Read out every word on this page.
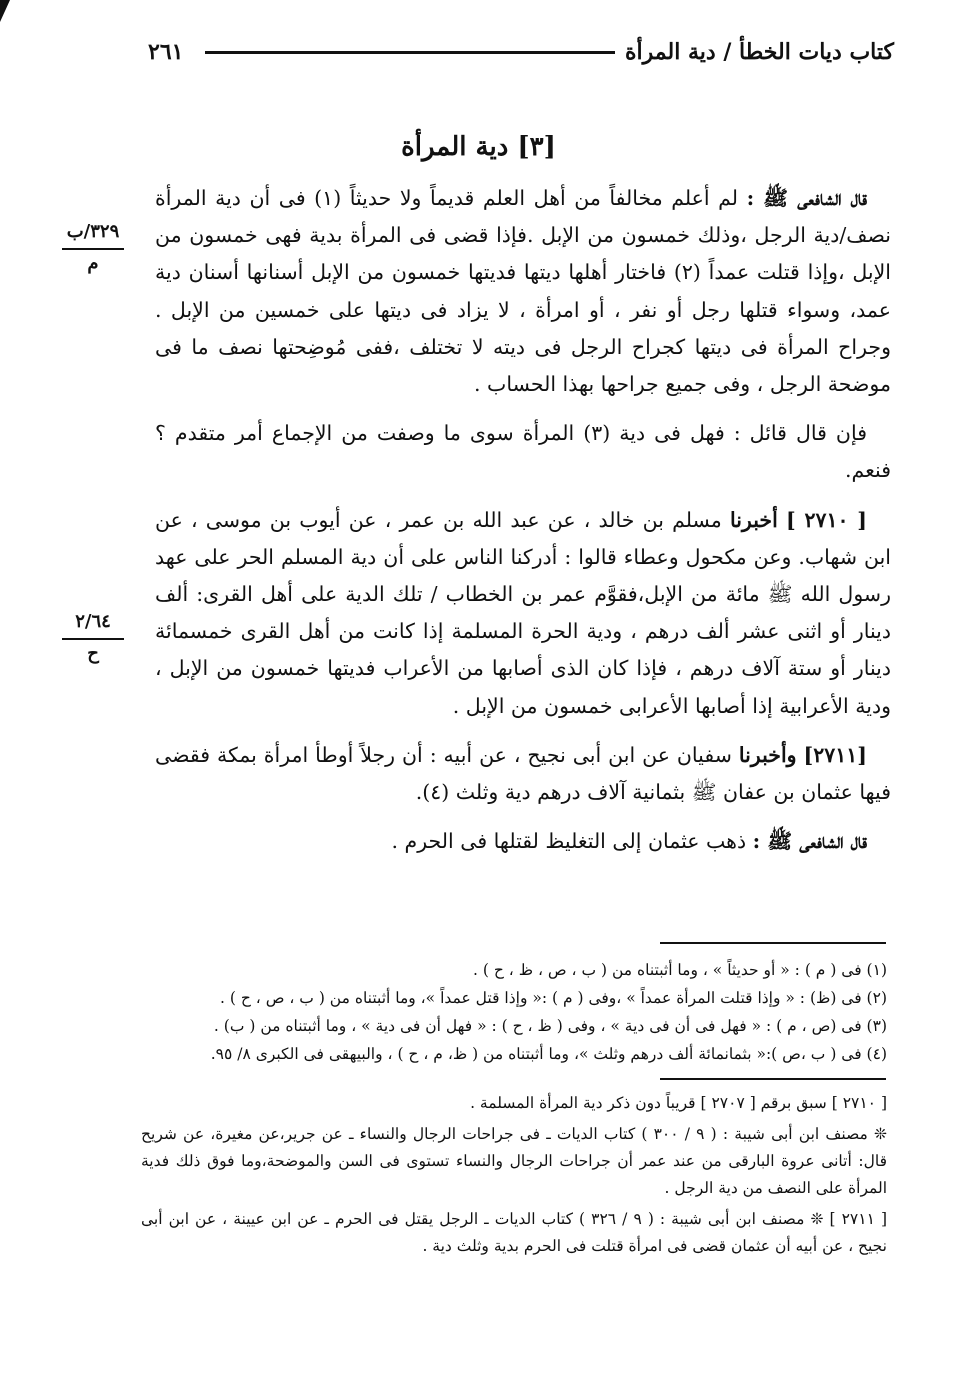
٢٦١	كتاب ديات الخطأ / دية المرأة
[٣] دية المرأة
٣٢٩/ب
م
٢/٦٤
ح

قال الشافعى ﷺ : لم أعلم مخالفاً من أهل العلم قديماً ولا حديثاً (١) فى أن دية المرأة نصف/دية الرجل ،وذلك خمسون من الإبل .فإذا قضى فى المرأة بدية فهى خمسون من الإبل ،وإذا قتلت عمداً (٢) فاختار أهلها ديتها فديتها خمسون من الإبل أسنانها أسنان دية عمد، وسواء قتلها رجل أو نفر ، أو امرأة ، لا يزاد فى ديتها على خمسين من الإبل . وجراح المرأة فى ديتها كجراح الرجل فى ديته لا تختلف ،ففى مُوضِحتها نصف ما فى موضحة الرجل ، وفى جميع جراحها بهذا الحساب .

فإن قال قائل : فهل فى دية (٣) المرأة سوى ما وصفت من الإجماع أمر متقدم ؟ فنعم.

[ ٢٧١٠ ] أخبرنا مسلم بن خالد ، عن عبد الله بن عمر ، عن أيوب بن موسى ، عن ابن شهاب. وعن مكحول وعطاء قالوا : أدركنا الناس على أن دية المسلم الحر على عهد رسول الله ﷺ مائة من الإبل،فقوَّم عمر بن الخطاب / تلك الدية على أهل القرى: ألف دينار أو اثنى عشر ألف درهم ، ودية الحرة المسلمة إذا كانت من أهل القرى خمسمائة دينار أو ستة آلاف درهم ، فإذا كان الذى أصابها من الأعراب فديتها خمسون من الإبل ، ودية الأعرابية إذا أصابها الأعرابى خمسون من الإبل .

[٢٧١١] وأخبرنا سفيان عن ابن أبى نجيح ، عن أبيه : أن رجلاً أوطأ امرأة بمكة فقضى فيها عثمان بن عفان ﷺ بثمانية آلاف درهم دية وثلث (٤).

قال الشافعى ﷺ : ذهب عثمان إلى التغليظ لقتلها فى الحرم .

(١) فى ( م ) : « أو حديثاً » ، وما أثبتناه من ( ب ، ص ، ظ ، ح ) .
(٢) فى (ظ) : « وإذا قتلت المرأة عمداً » ،وفى ( م ) :« وإذا قتل عمداً »، وما أثبتناه من ( ب ، ص ، ح ) .
(٣) فى (ص ، م ) : « فهل فى أن فى دية » ، وفى ( ظ ، ح ) : « فهل أن فى دية » ، وما أثبتناه من ( ب) .
(٤) فى ( ب ،ص ):« بثمانمائة ألف درهم وثلث »، وما أثبتناه من ( ظ، م ، ح ) ، والبيهقى فى الكبرى ٨/ ٩٥.

[ ٢٧١٠ ] سبق برقم [ ٢٧٠٧ ] قريباً دون ذكر دية المرأة المسلمة .

❊ مصنف ابن أبى شيبة : ( ٩ / ٣٠٠ ) كتاب الديات ـ فى جراحات الرجال والنساء ـ عن جرير،عن مغيرة، عن شريح قال: أتانى عروة البارقى من عند عمر أن جراحات الرجال والنساء تستوى فى السن والموضحة،وما فوق ذلك فدية المرأة على النصف من دية الرجل .

[ ٢٧١١ ] ❊ مصنف ابن أبى شيبة : ( ٩ / ٣٢٦ ) كتاب الديات ـ الرجل يقتل فى الحرم ـ عن ابن عيينة ، عن ابن أبى نجيح ، عن أبيه أن عثمان قضى فى امرأة قتلت فى الحرم بدية وثلث دية .
